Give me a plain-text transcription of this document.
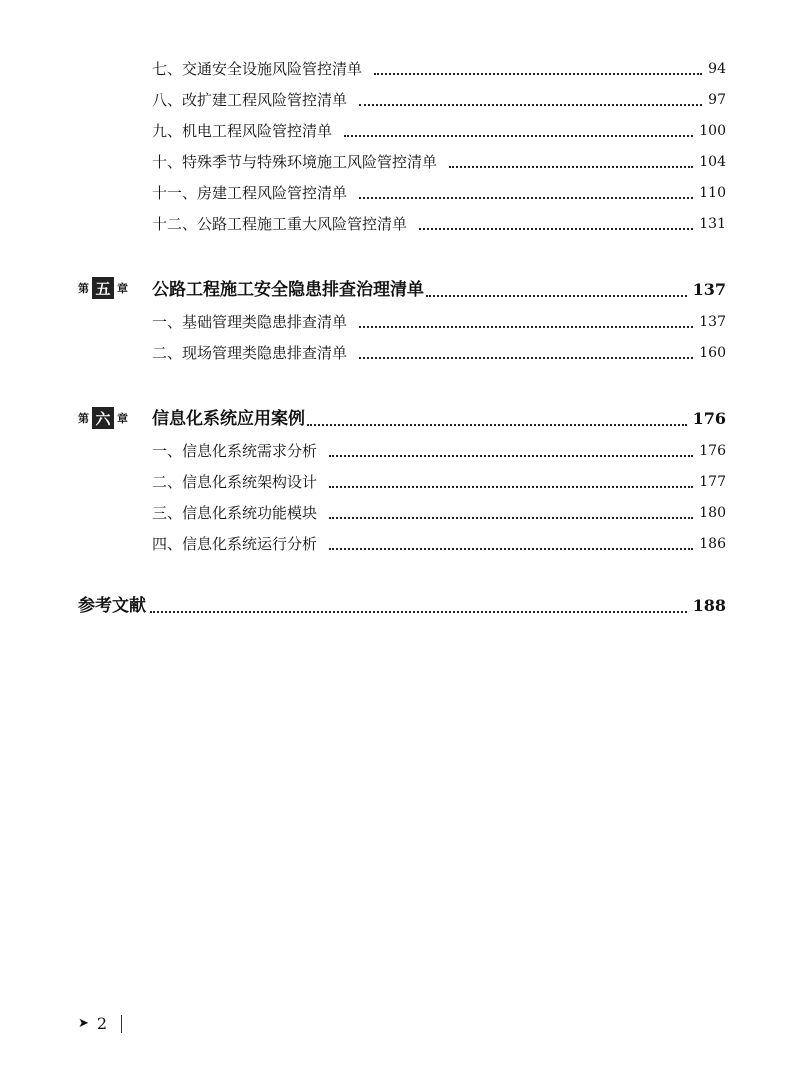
七、交通安全设施风险管控清单	94
八、改扩建工程风险管控清单	97
九、机电工程风险管控清单	100
十、特殊季节与特殊环境施工风险管控清单	104
十一、房建工程风险管控清单	110
十二、公路工程施工重大风险管控清单	131
第 五 章 公路工程施工安全隐患排查治理清单	137
一、基础管理类隐患排查清单	137
二、现场管理类隐患排查清单	160
第 六 章 信息化系统应用案例	176
一、信息化系统需求分析	176
二、信息化系统架构设计	177
三、信息化系统功能模块	180
四、信息化系统运行分析	186
参考文献	188
➤ 2
